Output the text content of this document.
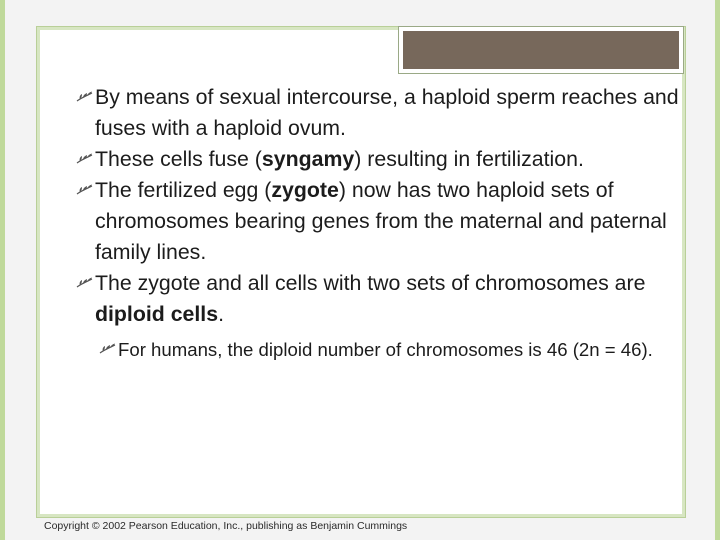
By means of sexual intercourse, a haploid sperm reaches and fuses with a haploid ovum.

These cells fuse (syngamy) resulting in fertilization.

The fertilized egg (zygote) now has two haploid sets of chromosomes bearing genes from the maternal and paternal family lines.

The zygote and all cells with two sets of chromosomes are diploid cells.

For humans, the diploid number of chromosomes is 46 (2n = 46).

Copyright © 2002 Pearson Education, Inc., publishing as Benjamin Cummings
